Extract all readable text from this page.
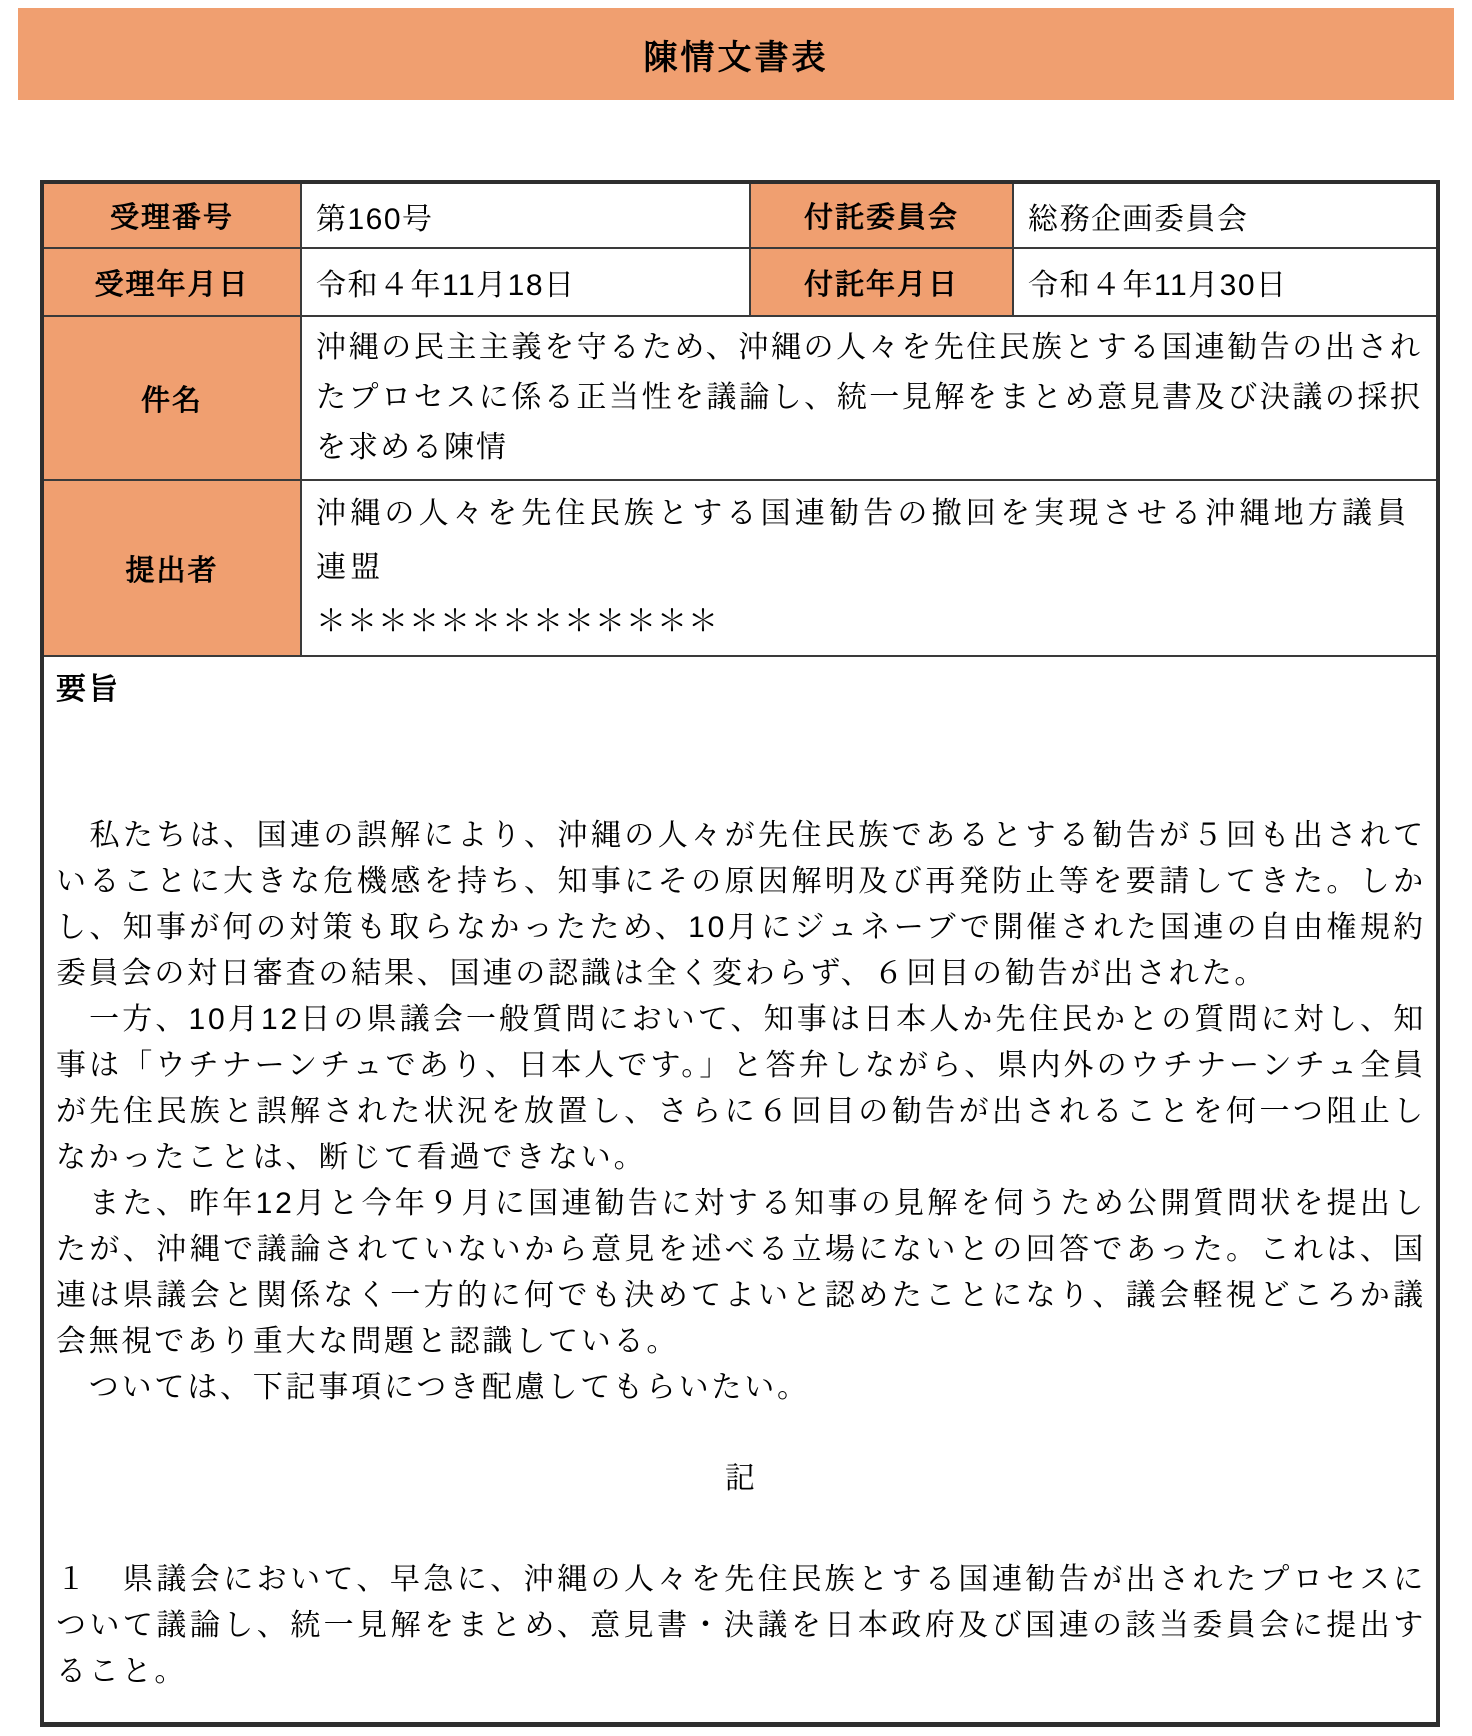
陳情文書表
受理番号	第160号	付託委員会	総務企画委員会
受理年月日	令和４年11月18日	付託年月日	令和４年11月30日
件名	沖縄の民主主義を守るため、沖縄の人々を先住民族とする国連勧告の出されたプロセスに係る正当性を議論し、統一見解をまとめ意見書及び決議の採択を求める陳情		
提出者	沖縄の人々を先住民族とする国連勧告の撤回を実現させる沖縄地方議員連盟
＊＊＊＊＊＊＊＊＊＊＊＊＊		

要旨

　私たちは、国連の誤解により、沖縄の人々が先住民族であるとする勧告が５回も出されていることに大きな危機感を持ち、知事にその原因解明及び再発防止等を要請してきた。しかし、知事が何の対策も取らなかったため、10月にジュネーブで開催された国連の自由権規約委員会の対日審査の結果、国連の認識は全く変わらず、６回目の勧告が出された。

　一方、10月12日の県議会一般質問において、知事は日本人か先住民かとの質問に対し、知事は「ウチナーンチュであり、日本人です。」と答弁しながら、県内外のウチナーンチュ全員が先住民族と誤解された状況を放置し、さらに６回目の勧告が出されることを何一つ阻止しなかったことは、断じて看過できない。

　また、昨年12月と今年９月に国連勧告に対する知事の見解を伺うため公開質問状を提出したが、沖縄で議論されていないから意見を述べる立場にないとの回答であった。これは、国連は県議会と関係なく一方的に何でも決めてよいと認めたことになり、議会軽視どころか議会無視であり重大な問題と認識している。

　ついては、下記事項につき配慮してもらいたい。

記

１　県議会において、早急に、沖縄の人々を先住民族とする国連勧告が出されたプロセスについて議論し、統一見解をまとめ、意見書・決議を日本政府及び国連の該当委員会に提出すること。
